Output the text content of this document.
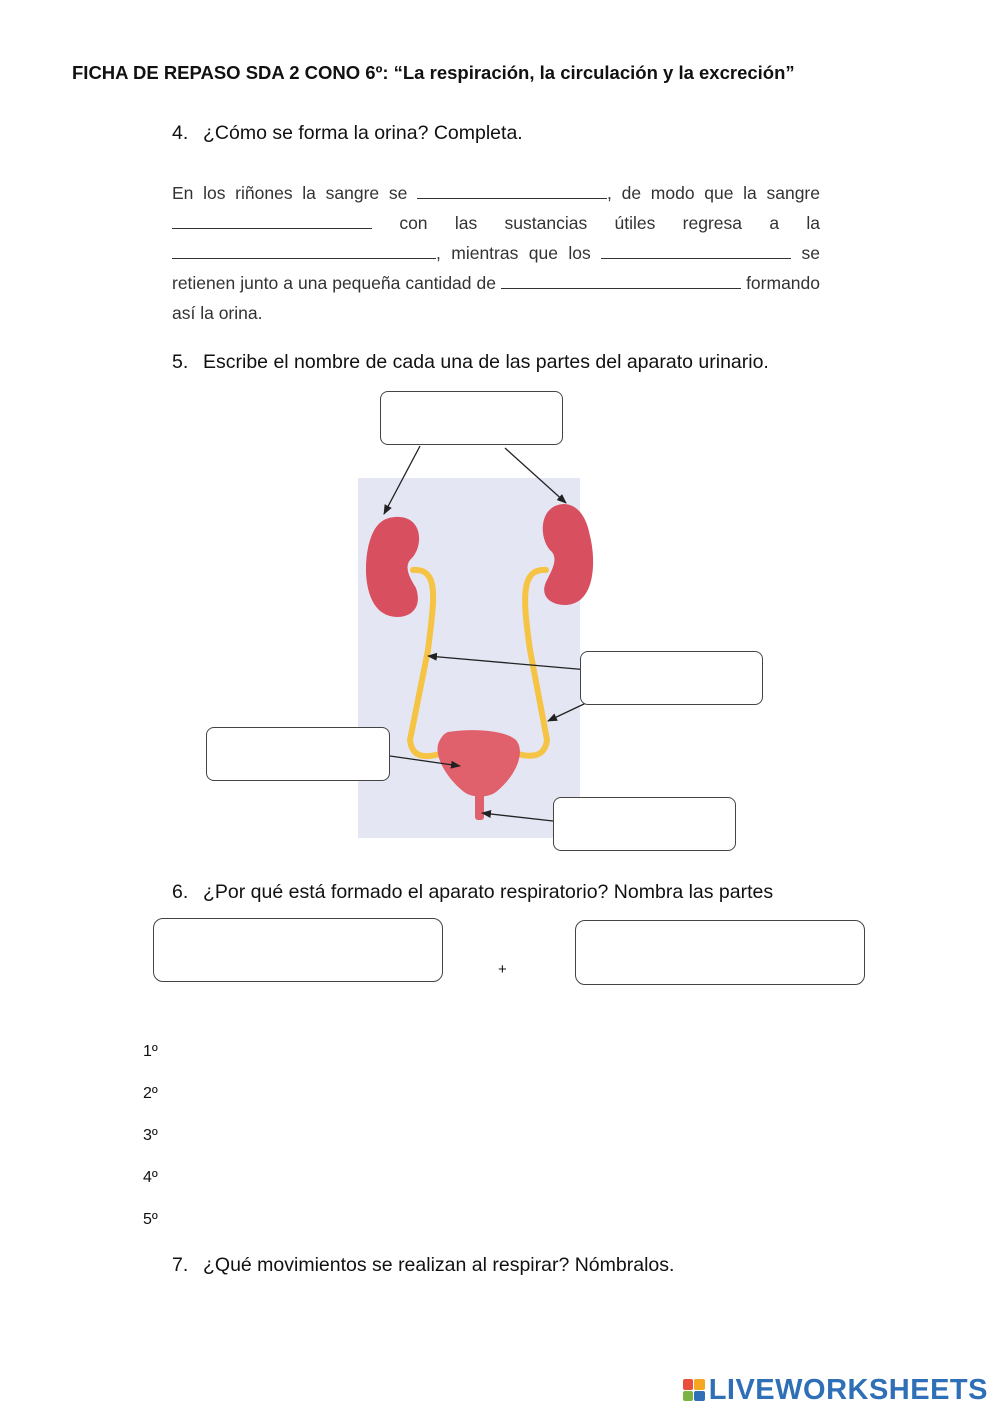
FICHA DE REPASO SDA 2 CONO 6º: “La respiración, la circulación y la excreción”
4. ¿Cómo se forma la orina? Completa.
En los riñones la sangre se	, de modo que la sangre  con las sustancias útiles regresa a la , mientras que los	se retienen junto a una pequeña cantidad de	formando así la orina.
5. Escribe el nombre de cada una de las partes del aparato urinario.
6. ¿Por qué está formado el aparato respiratorio? Nombra las partes
+
1º
2º
3º
4º
5º
7. ¿Qué movimientos se realizan al respirar? Nómbralos.
LIVEWORKSHEETS
